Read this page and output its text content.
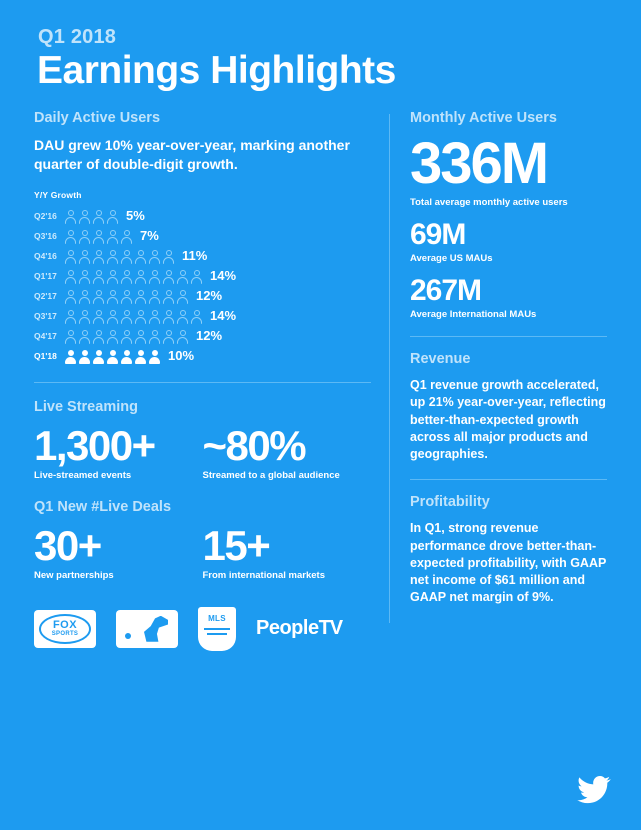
Q1 2018
Earnings Highlights
Daily Active Users
DAU grew 10% year-over-year, marking another quarter of double-digit growth.
Y/Y Growth
Q2'16	5%
Q3'16	7%
Q4'16	11%
Q1'17	14%
Q2'17	12%
Q3'17	14%
Q4'17	12%
Q1'18	10%
Live Streaming
1,300+
Live-streamed events
~80%
Streamed to a global audience
Q1 New #Live Deals
30+
New partnerships
15+
From international markets
FOX
SPORTS
MLS PeopleTV
Monthly Active Users
336M
Total average monthly active users
69M
Average US MAUs
267M
Average International MAUs
Revenue
Q1 revenue growth accelerated, up 21% year-over-year, reflecting better-than-expected growth across all major products and geographies.
Profitability
In Q1, strong revenue performance drove better-than-expected profitability, with GAAP net income of $61 million and GAAP net margin of 9%.
